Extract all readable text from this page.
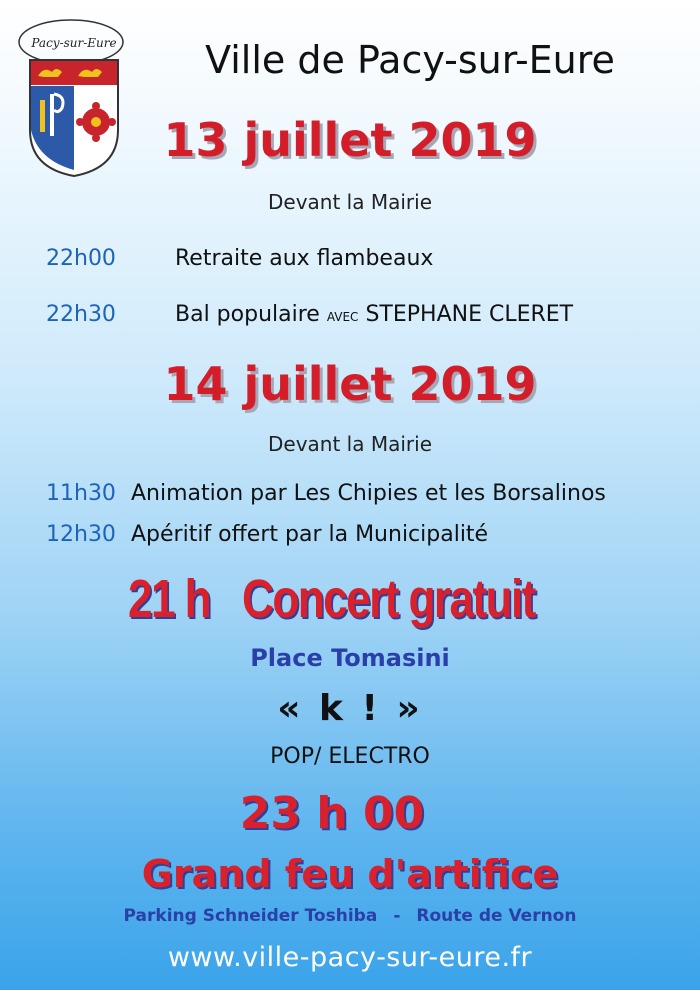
Pacy-sur-Eure	Ville de Pacy-sur-Eure
13 juillet 2019
Devant la Mairie
22h00	Retraite aux flambeaux
22h30	Bal populaire AVEC STEPHANE CLERET
14 juillet 2019
Devant la Mairie
11h30 Animation par Les Chipies et les Borsalinos
12h30 Apéritif offert par la Municipalité
21 h   Concert gratuit
Place Tomasini
« k ! »
POP/ ELECTRO
23 h 00
Grand feu d'artifice
Parking Schneider Toshiba - Route de Vernon
www.ville-pacy-sur-eure.fr
